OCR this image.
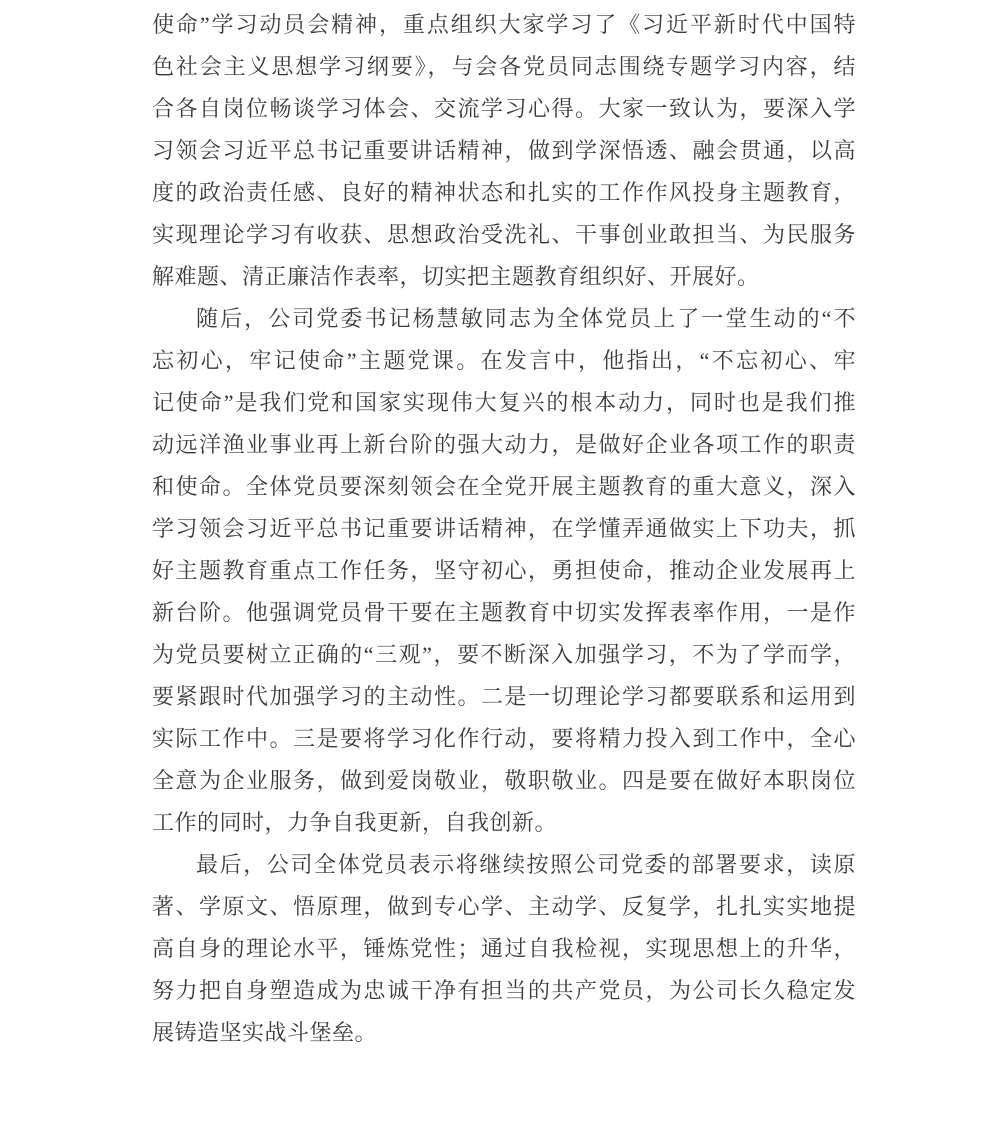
使命”学习动员会精神，重点组织大家学习了《习近平新时代中国特
色社会主义思想学习纲要》，与会各党员同志围绕专题学习内容，结
合各自岗位畅谈学习体会、交流学习心得。大家一致认为，要深入学
习领会习近平总书记重要讲话精神，做到学深悟透、融会贯通，以高
度的政治责任感、良好的精神状态和扎实的工作作风投身主题教育，
实现理论学习有收获、思想政治受洗礼、干事创业敢担当、为民服务
解难题、清正廉洁作表率，切实把主题教育组织好、开展好。
随后，公司党委书记杨慧敏同志为全体党员上了一堂生动的“不
忘初心，牢记使命”主题党课。在发言中，他指出，“不忘初心、牢
记使命”是我们党和国家实现伟大复兴的根本动力，同时也是我们推
动远洋渔业事业再上新台阶的强大动力，是做好企业各项工作的职责
和使命。全体党员要深刻领会在全党开展主题教育的重大意义，深入
学习领会习近平总书记重要讲话精神，在学懂弄通做实上下功夫，抓
好主题教育重点工作任务，坚守初心，勇担使命，推动企业发展再上
新台阶。他强调党员骨干要在主题教育中切实发挥表率作用，一是作
为党员要树立正确的“三观”，要不断深入加强学习，不为了学而学，
要紧跟时代加强学习的主动性。二是一切理论学习都要联系和运用到
实际工作中。三是要将学习化作行动，要将精力投入到工作中，全心
全意为企业服务，做到爱岗敬业，敬职敬业。四是要在做好本职岗位
工作的同时，力争自我更新，自我创新。
最后，公司全体党员表示将继续按照公司党委的部署要求，读原
著、学原文、悟原理，做到专心学、主动学、反复学，扎扎实实地提
高自身的理论水平，锤炼党性；通过自我检视，实现思想上的升华，
努力把自身塑造成为忠诚干净有担当的共产党员，为公司长久稳定发
展铸造坚实战斗堡垒。
